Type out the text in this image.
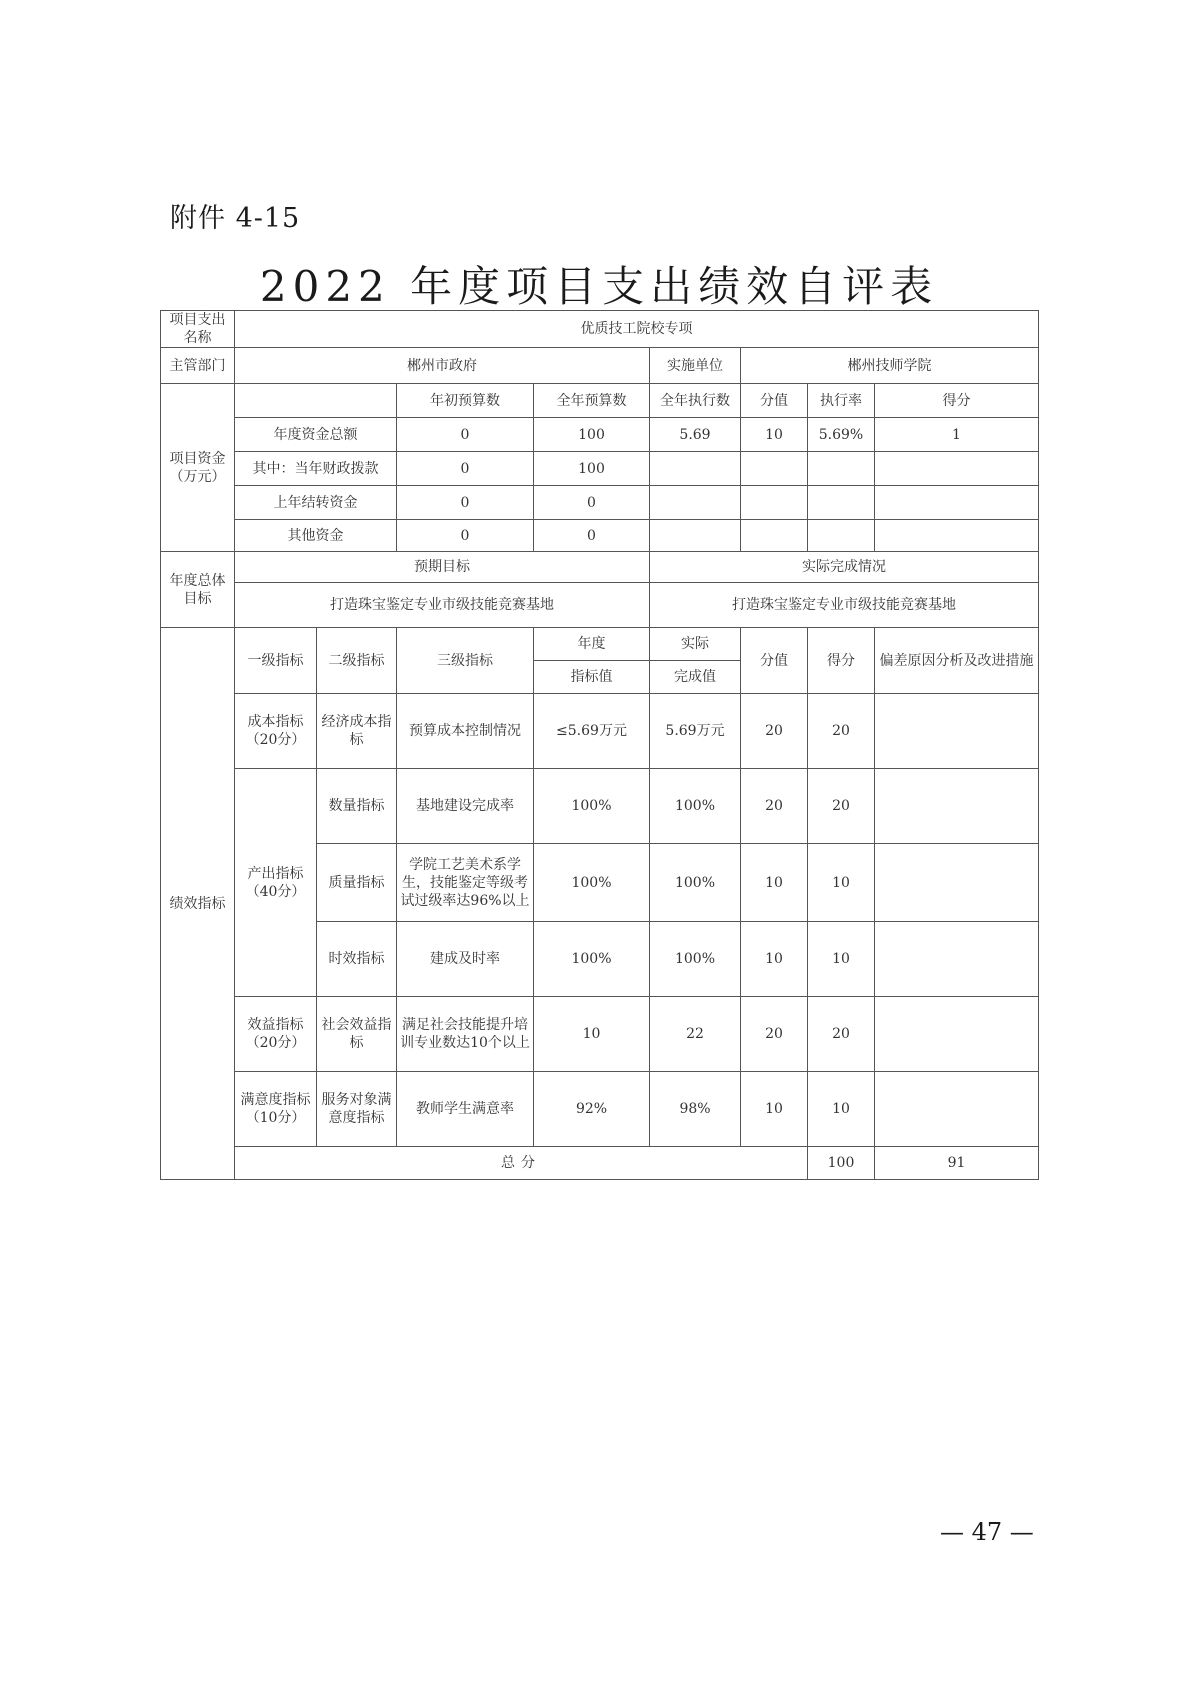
附件 4-15
2022 年度项目支出绩效自评表
项目支出名称	优质技工院校专项								
主管部门	郴州市政府				实施单位	郴州技师学院			
项目资金（万元）			年初预算数	全年预算数	全年执行数	分值	执行率	得分	
	年度资金总额		0	100	5.69	10	5.69%	1	
	其中：当年财政拨款		0	100					
	上年结转资金		0	0					
	其他资金		0	0					
年度总体目标	预期目标				实际完成情况				
	打造珠宝鉴定专业市级技能竞赛基地				打造珠宝鉴定专业市级技能竞赛基地				
绩效指标	一级指标	二级指标	三级指标	年度	实际	分值	得分	偏差原因分析及改进措施	
				指标值	完成值				
	成本指标（20分）	经济成本指标	预算成本控制情况	≤5.69万元	5.69万元	20	20		
	产出指标（40分）	数量指标	基地建设完成率	100%	100%	20	20		
		质量指标	学院工艺美术系学生，技能鉴定等级考试过级率达96%以上	100%	100%	10	10		
		时效指标	建成及时率	100%	100%	10	10		
	效益指标（20分）	社会效益指标	满足社会技能提升培训专业数达10个以上	10	22	20	20		
	满意度指标（10分）	服务对象满意度指标	教师学生满意率	92%	98%	10	10		
	总分						100	91	
— 47 —
